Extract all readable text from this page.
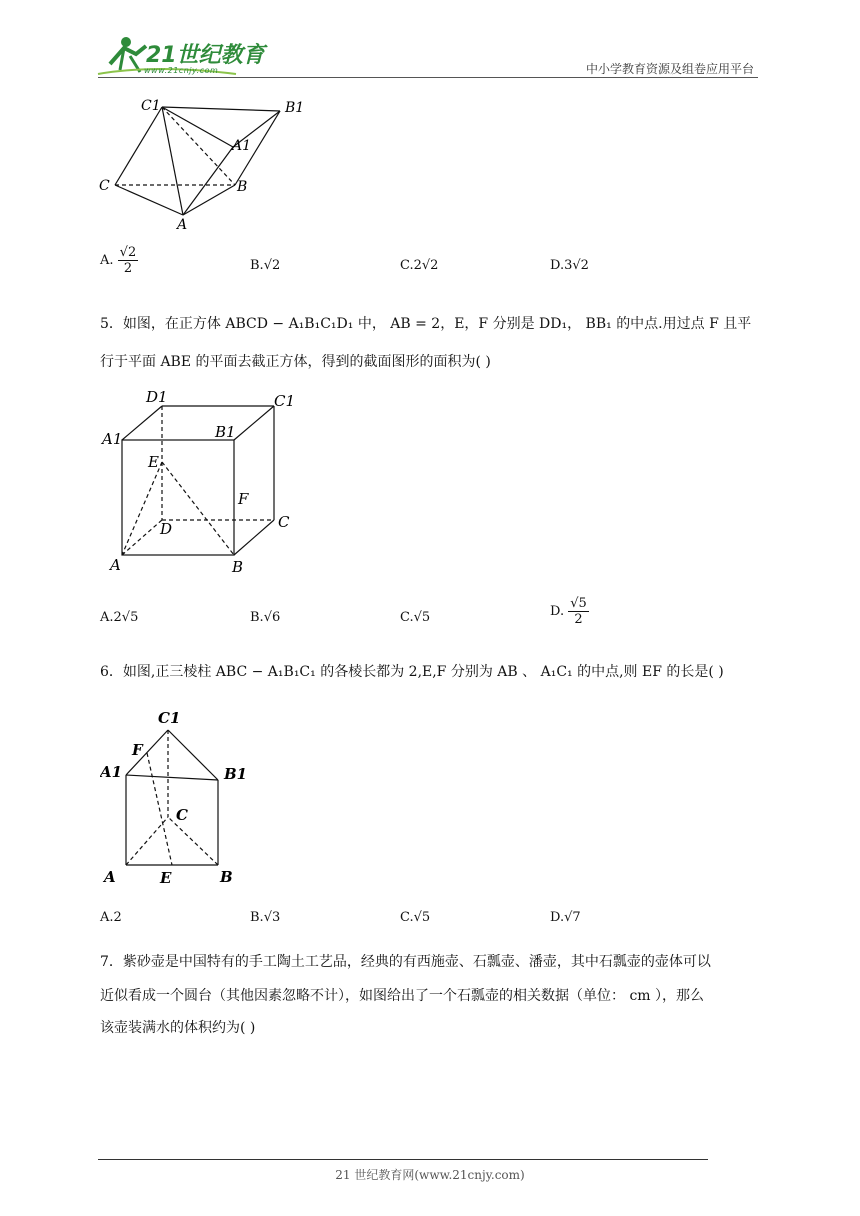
21世纪教育
www.21cnjy.com	中小学教育资源及组卷应用平台
C1	B1
A1
C	B
A
A. $\frac{√2}{2}$	B.√2	C.2√2	D.3√2
5．如图，在正方体 ABCD − A₁B₁C₁D₁ 中， AB = 2，E，F 分别是 DD₁， BB₁ 的中点.用过点 F 且平
行于平面 ABE 的平面去截正方体，得到的截面图形的面积为( )
D1	C1
A1	B1
E
F
D	C
A	B
A.2√5	B.√6	C.√5	D. $\frac{√5}{2}$
6．如图,正三棱柱 ABC − A₁B₁C₁ 的各棱长都为 2,E,F 分别为 AB 、 A₁C₁ 的中点,则 EF 的长是( )
C1
F
A1	B1
C
A	E	B
A.2	B.√3	C.√5	D.√7
7．紫砂壶是中国特有的手工陶土工艺品，经典的有西施壶、石瓢壶、潘壶，其中石瓢壶的壶体可以
近似看成一个圆台（其他因素忽略不计），如图给出了一个石瓢壶的相关数据（单位： cm ），那么
该壶装满水的体积约为( )
21 世纪教育网(www.21cnjy.com)
